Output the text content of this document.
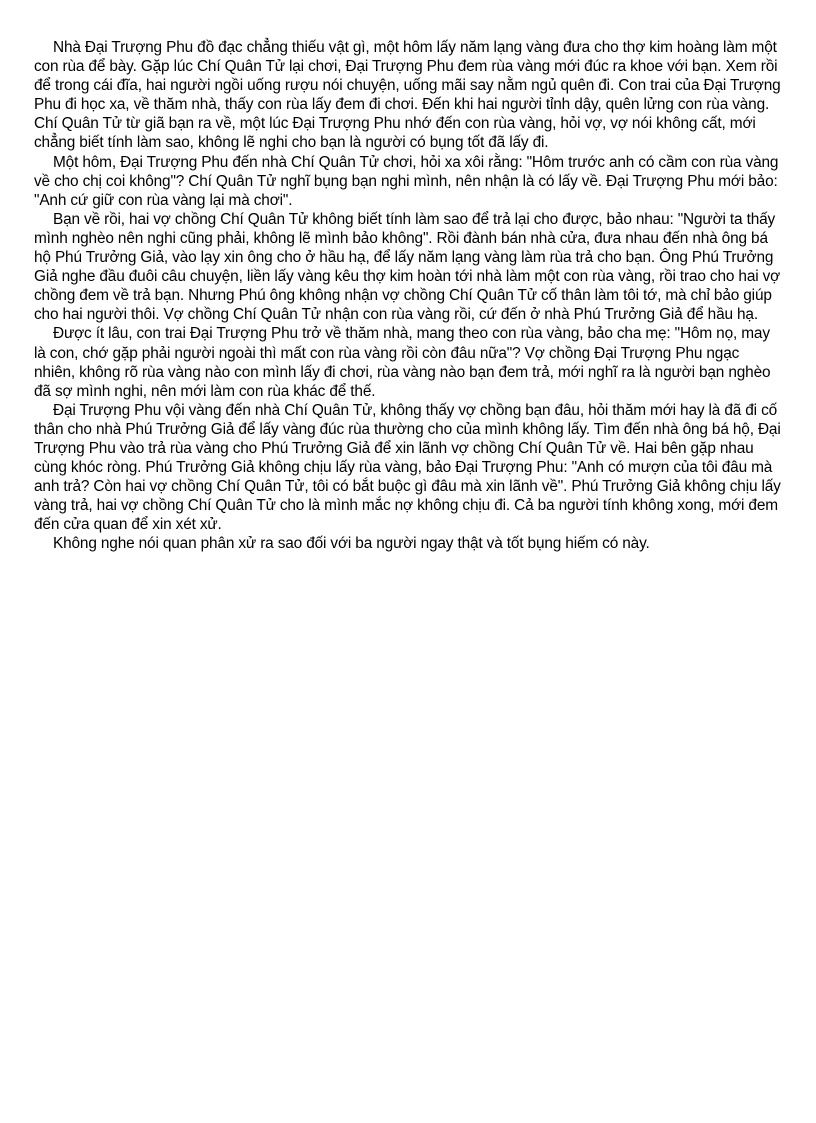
Nhà Đại Trượng Phu đồ đạc chẳng thiếu vật gì, một hôm lấy năm lạng vàng đưa cho thợ kim hoàng làm một con rùa để bày. Gặp lúc Chí Quân Tử lại chơi, Đại Trượng Phu đem rùa vàng mới đúc ra khoe với bạn. Xem rồi để trong cái đĩa, hai người ngồi uống rượu nói chuyện, uống mãi say nằm ngủ quên đi. Con trai của Đại Trượng Phu đi học xa, về thăm nhà, thấy con rùa lấy đem đi chơi. Đến khi hai người tỉnh dậy, quên lửng con rùa vàng. Chí Quân Tử từ giã bạn ra về, một lúc Đại Trượng Phu nhớ đến con rùa vàng, hỏi vợ, vợ nói không cất, mới chẳng biết tính làm sao, không lẽ nghi cho bạn là người có bụng tốt đã lấy đi.

Một hôm, Đại Trượng Phu đến nhà Chí Quân Tử chơi, hỏi xa xôi rằng: "Hôm trước anh có cầm con rùa vàng về cho chị coi không"? Chí Quân Tử nghĩ bụng bạn nghi mình, nên nhận là có lấy về. Đại Trượng Phu mới bảo: "Anh cứ giữ con rùa vàng lại mà chơi".

Bạn về rồi, hai vợ chồng Chí Quân Tử không biết tính làm sao để trả lại cho được, bảo nhau: "Người ta thấy mình nghèo nên nghi cũng phải, không lẽ mình bảo không". Rồi đành bán nhà cửa, đưa nhau đến nhà ông bá hộ Phú Trưởng Giả, vào lạy xin ông cho ở hầu hạ, để lấy năm lạng vàng làm rùa trả cho bạn. Ông Phú Trưởng Giả nghe đầu đuôi câu chuyện, liền lấy vàng kêu thợ kim hoàn tới nhà làm một con rùa vàng, rồi trao cho hai vợ chồng đem về trả bạn. Nhưng Phú ông không nhận vợ chồng Chí Quân Tử cố thân làm tôi tớ, mà chỉ bảo giúp cho hai người thôi. Vợ chồng Chí Quân Tử nhận con rùa vàng rồi, cứ đến ở nhà Phú Trưởng Giả để hầu hạ.

Được ít lâu, con trai Đại Trượng Phu trở về thăm nhà, mang theo con rùa vàng, bảo cha mẹ: "Hôm nọ, may là con, chớ gặp phải người ngoài thì mất con rùa vàng rồi còn đâu nữa"? Vợ chồng Đại Trượng Phu ngạc nhiên, không rõ rùa vàng nào con mình lấy đi chơi, rùa vàng nào bạn đem trả, mới nghĩ ra là người bạn nghèo đã sợ mình nghi, nên mới làm con rùa khác để thế.

Đại Trượng Phu vội vàng đến nhà Chí Quân Tử, không thấy vợ chồng bạn đâu, hỏi thăm mới hay là đã đi cố thân cho nhà Phú Trưởng Giả để lấy vàng đúc rùa thường cho của mình không lấy. Tìm đến nhà ông bá hộ, Đại Trượng Phu vào trả rùa vàng cho Phú Trưởng Giả để xin lãnh vợ chồng Chí Quân Tử về. Hai bên gặp nhau cùng khóc ròng. Phú Trưởng Giả không chịu lấy rùa vàng, bảo Đại Trượng Phu: "Anh có mượn của tôi đâu mà anh trả? Còn hai vợ chồng Chí Quân Tử, tôi có bắt buộc gì đâu mà xin lãnh về". Phú Trưởng Giả không chịu lấy vàng trả, hai vợ chồng Chí Quân Tử cho là mình mắc nợ không chịu đi. Cả ba người tính không xong, mới đem đến cửa quan để xin xét xử.

Không nghe nói quan phân xử ra sao đối với ba người ngay thật và tốt bụng hiếm có này.
